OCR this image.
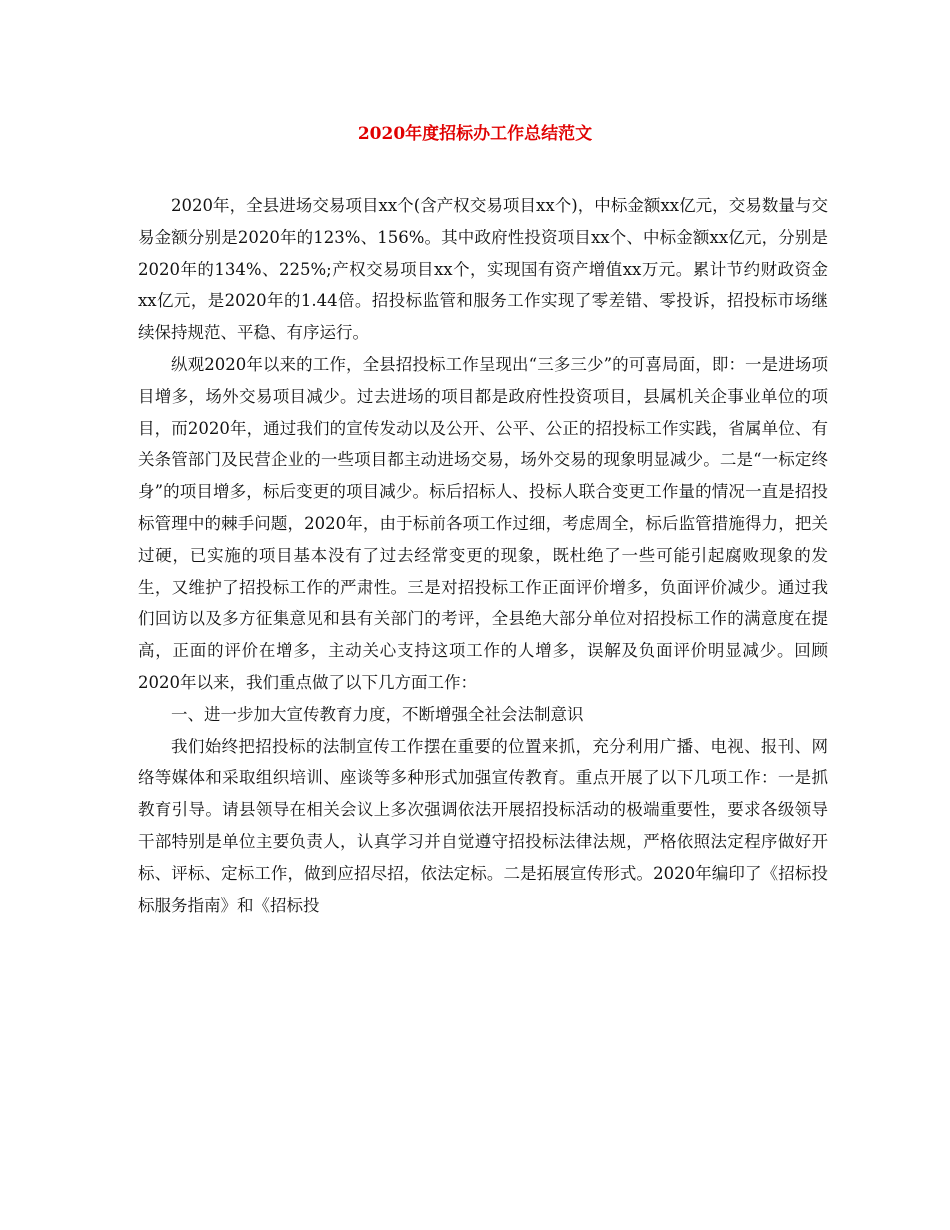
2020年度招标办工作总结范文

2020年，全县进场交易项目xx个(含产权交易项目xx个)，中标金额xx亿元，交易数量与交易金额分别是2020年的123%、156%。其中政府性投资项目xx个、中标金额xx亿元，分别是2020年的134%、225%;产权交易项目xx个，实现国有资产增值xx万元。累计节约财政资金xx亿元，是2020年的1.44倍。招投标监管和服务工作实现了零差错、零投诉，招投标市场继续保持规范、平稳、有序运行。

纵观2020年以来的工作，全县招投标工作呈现出“三多三少”的可喜局面，即：一是进场项目增多，场外交易项目减少。过去进场的项目都是政府性投资项目，县属机关企事业单位的项目，而2020年，通过我们的宣传发动以及公开、公平、公正的招投标工作实践，省属单位、有关条管部门及民营企业的一些项目都主动进场交易，场外交易的现象明显减少。二是“一标定终身”的项目增多，标后变更的项目减少。标后招标人、投标人联合变更工作量的情况一直是招投标管理中的棘手问题，2020年，由于标前各项工作过细，考虑周全，标后监管措施得力，把关过硬，已实施的项目基本没有了过去经常变更的现象，既杜绝了一些可能引起腐败现象的发生，又维护了招投标工作的严肃性。三是对招投标工作正面评价增多，负面评价减少。通过我们回访以及多方征集意见和县有关部门的考评，全县绝大部分单位对招投标工作的满意度在提高，正面的评价在增多，主动关心支持这项工作的人增多，误解及负面评价明显减少。回顾2020年以来，我们重点做了以下几方面工作：

一、进一步加大宣传教育力度，不断增强全社会法制意识

我们始终把招投标的法制宣传工作摆在重要的位置来抓，充分利用广播、电视、报刊、网络等媒体和采取组织培训、座谈等多种形式加强宣传教育。重点开展了以下几项工作：一是抓教育引导。请县领导在相关会议上多次强调依法开展招投标活动的极端重要性，要求各级领导干部特别是单位主要负责人，认真学习并自觉遵守招投标法律法规，严格依照法定程序做好开标、评标、定标工作，做到应招尽招，依法定标。二是拓展宣传形式。2020年编印了《招标投标服务指南》和《招标投
